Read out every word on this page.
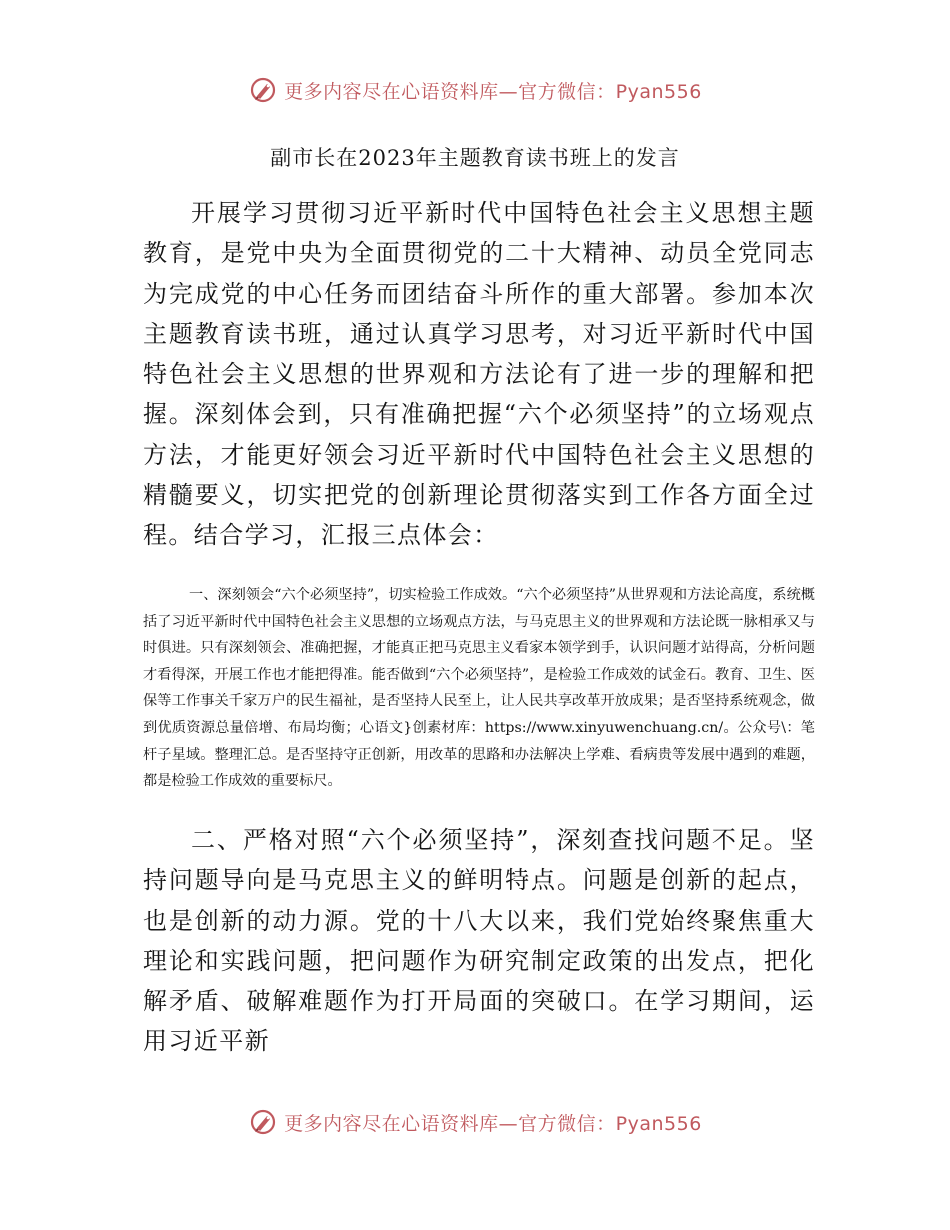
更多内容尽在心语资料库—官方微信：Pyan556
副市长在2023年主题教育读书班上的发言

开展学习贯彻习近平新时代中国特色社会主义思想主题教育，是党中央为全面贯彻党的二十大精神、动员全党同志为完成党的中心任务而团结奋斗所作的重大部署。参加本次主题教育读书班，通过认真学习思考，对习近平新时代中国特色社会主义思想的世界观和方法论有了进一步的理解和把握。深刻体会到，只有准确把握“六个必须坚持”的立场观点方法，才能更好领会习近平新时代中国特色社会主义思想的精髓要义，切实把党的创新理论贯彻落实到工作各方面全过程。结合学习，汇报三点体会：

一、深刻领会“六个必须坚持”，切实检验工作成效。“六个必须坚持”从世界观和方法论高度，系统概括了习近平新时代中国特色社会主义思想的立场观点方法，与马克思主义的世界观和方法论既一脉相承又与时俱进。只有深刻领会、准确把握，才能真正把马克思主义看家本领学到手，认识问题才站得高，分析问题才看得深，开展工作也才能把得准。能否做到“六个必须坚持”，是检验工作成效的试金石。教育、卫生、医保等工作事关千家万户的民生福祉，是否坚持人民至上，让人民共享改革开放成果；是否坚持系统观念，做到优质资源总量倍增、布局均衡；心语文}创素材库：https://www.xinyuwenchuang.cn/。公众号\：笔杆子星域。整理汇总。是否坚持守正创新，用改革的思路和办法解决上学难、看病贵等发展中遇到的难题，都是检验工作成效的重要标尺。

二、严格对照“六个必须坚持”，深刻查找问题不足。坚持问题导向是马克思主义的鲜明特点。问题是创新的起点，也是创新的动力源。党的十八大以来，我们党始终聚焦重大理论和实践问题，把问题作为研究制定政策的出发点，把化解矛盾、破解难题作为打开局面的突破口。在学习期间，运用习近平新

更多内容尽在心语资料库—官方微信：Pyan556
